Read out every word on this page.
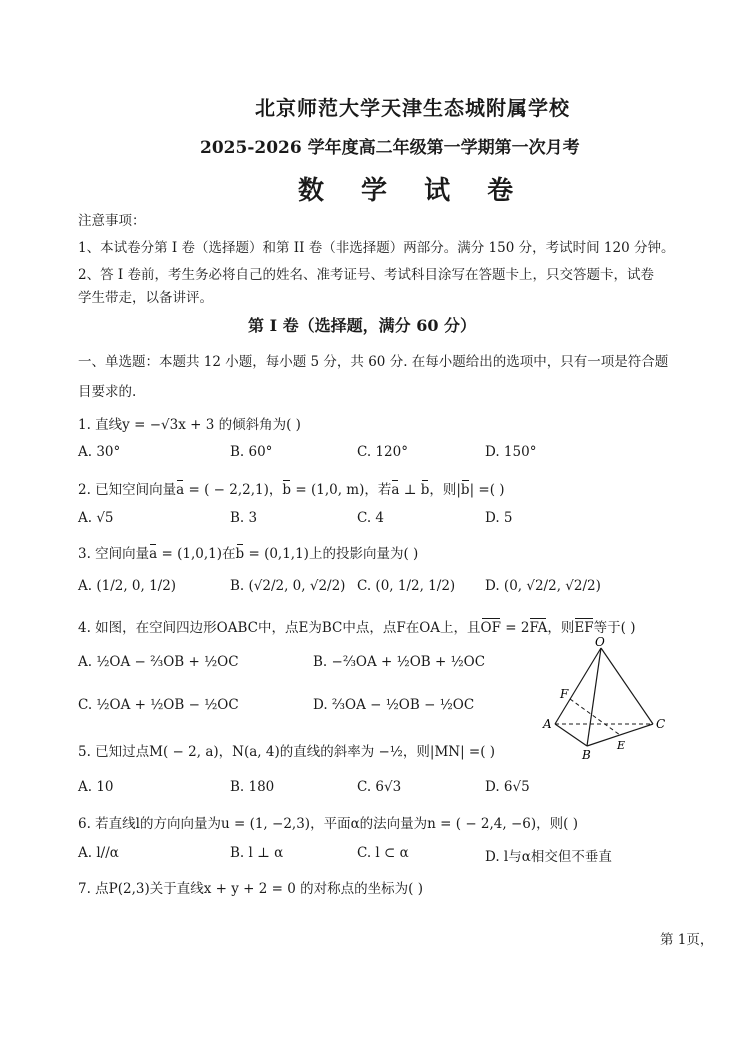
北京师范大学天津生态城附属学校
2025-2026 学年度高二年级第一学期第一次月考
数 学 试 卷
注意事项：
1、本试卷分第 I 卷（选择题）和第 II 卷（非选择题）两部分。满分 150 分，考试时间 120 分钟。
2、答 I 卷前，考生务必将自己的姓名、准考证号、考试科目涂写在答题卡上，只交答题卡，试卷
学生带走，以备讲评。
第 I 卷（选择题，满分 60 分）
一、单选题：本题共 12 小题，每小题 5 分，共 60 分. 在每小题给出的选项中，只有一项是符合题
目要求的.
1. 直线y = −√3x + 3 的倾斜角为( )
A. 30°	B. 60°	C. 120°	D. 150°
2. 已知空间向量a = ( − 2,2,1)，b = (1,0, m)，若a ⊥ b，则|b| =( )
A. √5	B. 3	C. 4	D. 5
3. 空间向量a = (1,0,1)在b = (0,1,1)上的投影向量为( )
A. (1/2, 0, 1/2)	B. (√2/2, 0, √2/2) C. (0, 1/2, 1/2) D. (0, √2/2, √2/2)
4. 如图，在空间四边形OABC中，点E为BC中点，点F在OA上，且OF = 2FA，则EF等于( )
A. ½OA − ⅔OB + ½OC	B. −⅔OA + ½OB + ½OC
C. ½OA + ½OB − ½OC	D. ⅔OA − ½OB − ½OC
O
A
B
C
E
F
5. 已知过点M( − 2, a)，N(a, 4)的直线的斜率为 −½，则|MN| =( )
A. 10	B. 180	C. 6√3	D. 6√5
6. 若直线l的方向向量为u = (1, −2,3)，平面α的法向量为n = ( − 2,4, −6)，则( )
A. l//α	B. l ⊥ α	C. l ⊂ α	D. l与α相交但不垂直
7. 点P(2,3)关于直线x + y + 2 = 0 的对称点的坐标为( )
第 1页，
